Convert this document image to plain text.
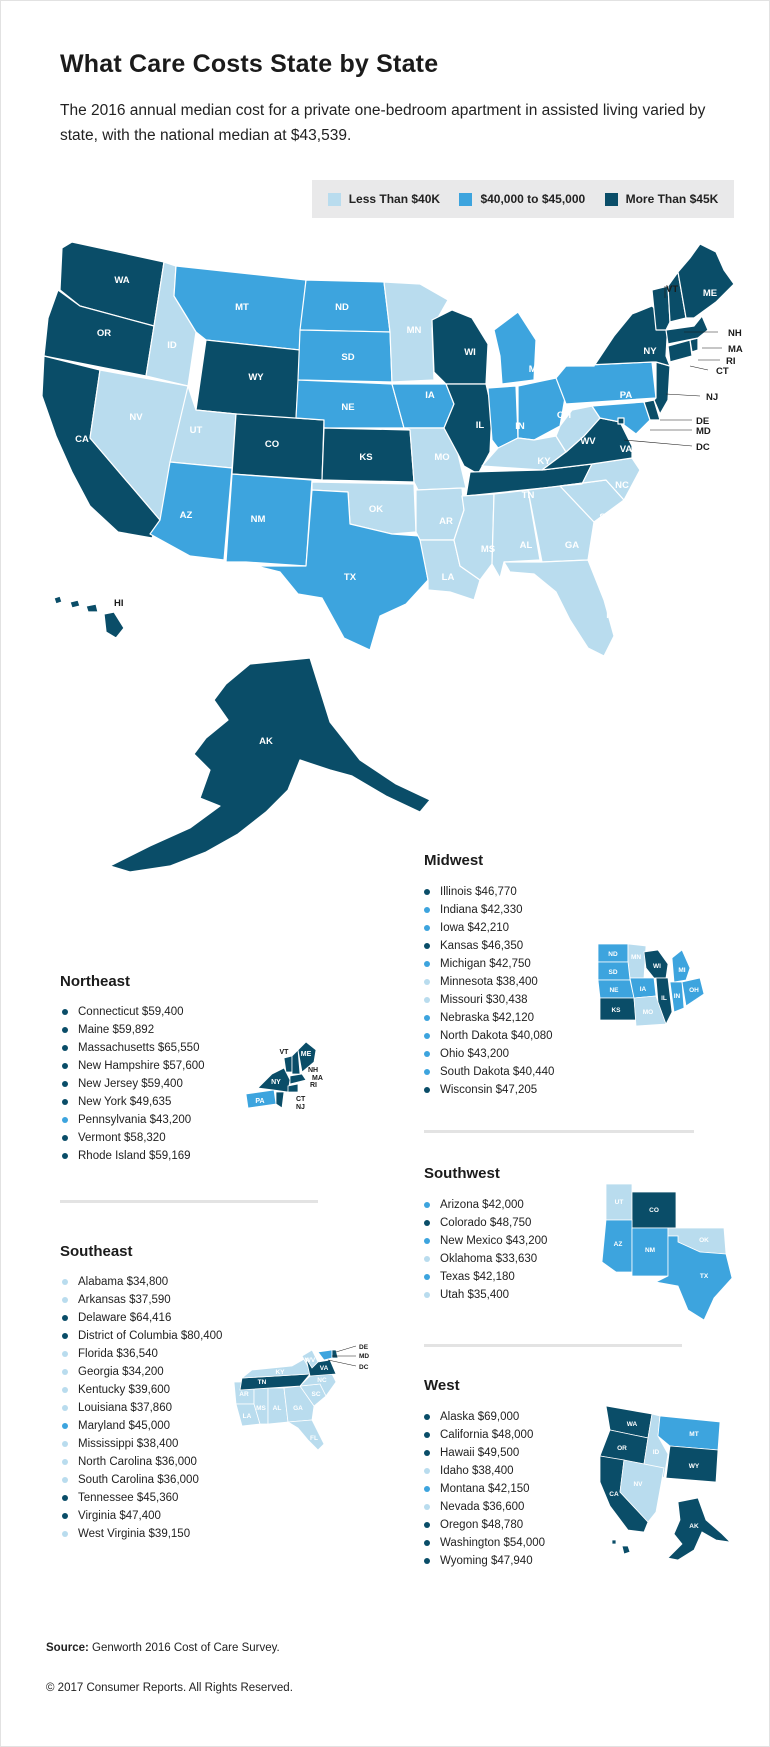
What Care Costs State by State
The 2016 annual median cost for a private one-bedroom apartment in assisted living varied by state, with the national median at $43,539.
Less Than $40K	$40,000 to $45,000	More Than $45K
WA
OR
CA
ID
NV
MT
WY
UT
AZ
CO
NM
ND
SD
NE
KS
OK
TX
MN
IA
MO
AR
LA
WI
IL
MI
IN
OH
KY
TN
MS	AL	GA
FL
SC
NC
VA
WV
PA
NY
ME
VT
NH
MA
RI
CT
NJ
DE
MD
DC
HI
AK
Northeast
Connecticut $59,400
Maine $59,892
Massachusetts $65,550
New Hampshire $57,600
New Jersey $59,400
New York $49,635
Pennsylvania $43,200
Vermont $58,320
Rhode Island $59,169
VT ME
NY
PA
NH
MA
RI
CT
NJ
Midwest
Illinois $46,770
Indiana $42,330
Iowa $42,210
Kansas $46,350
Michigan $42,750
Minnesota $38,400
Missouri $30,438
Nebraska $42,120
North Dakota $40,080
Ohio $43,200
South Dakota $40,440
Wisconsin $47,205
ND MN
SD
NE	IA
KS	MO
WI
IL
MI
IN
OH
Southeast
Alabama $34,800
Arkansas $37,590
Delaware $64,416
District of Columbia $80,400
Florida $36,540
Georgia $34,200
Kentucky $39,600
Louisiana $37,860
Maryland $45,000
Mississippi $38,400
North Carolina $36,000
South Carolina $36,000
Tennessee $45,360
Virginia $47,400
West Virginia $39,150
AR
LA
MS AL GA
FL
SC
NC
TN
KY
WV
VA
DE
MD
DC
Southwest
Arizona $42,000
Colorado $48,750
New Mexico $43,200
Oklahoma $33,630
Texas $42,180
Utah $35,400
UT
CO
AZ
NM
OK
TX
West
Alaska $69,000
California $48,000
Hawaii $49,500
Idaho $38,400
Montana $42,150
Nevada $36,600
Oregon $48,780
Washington $54,000
Wyoming $47,940
WA
OR
ID
MT
WY
CA
NV
AK
Source: Genworth 2016 Cost of Care Survey.
© 2017 Consumer Reports. All Rights Reserved.
